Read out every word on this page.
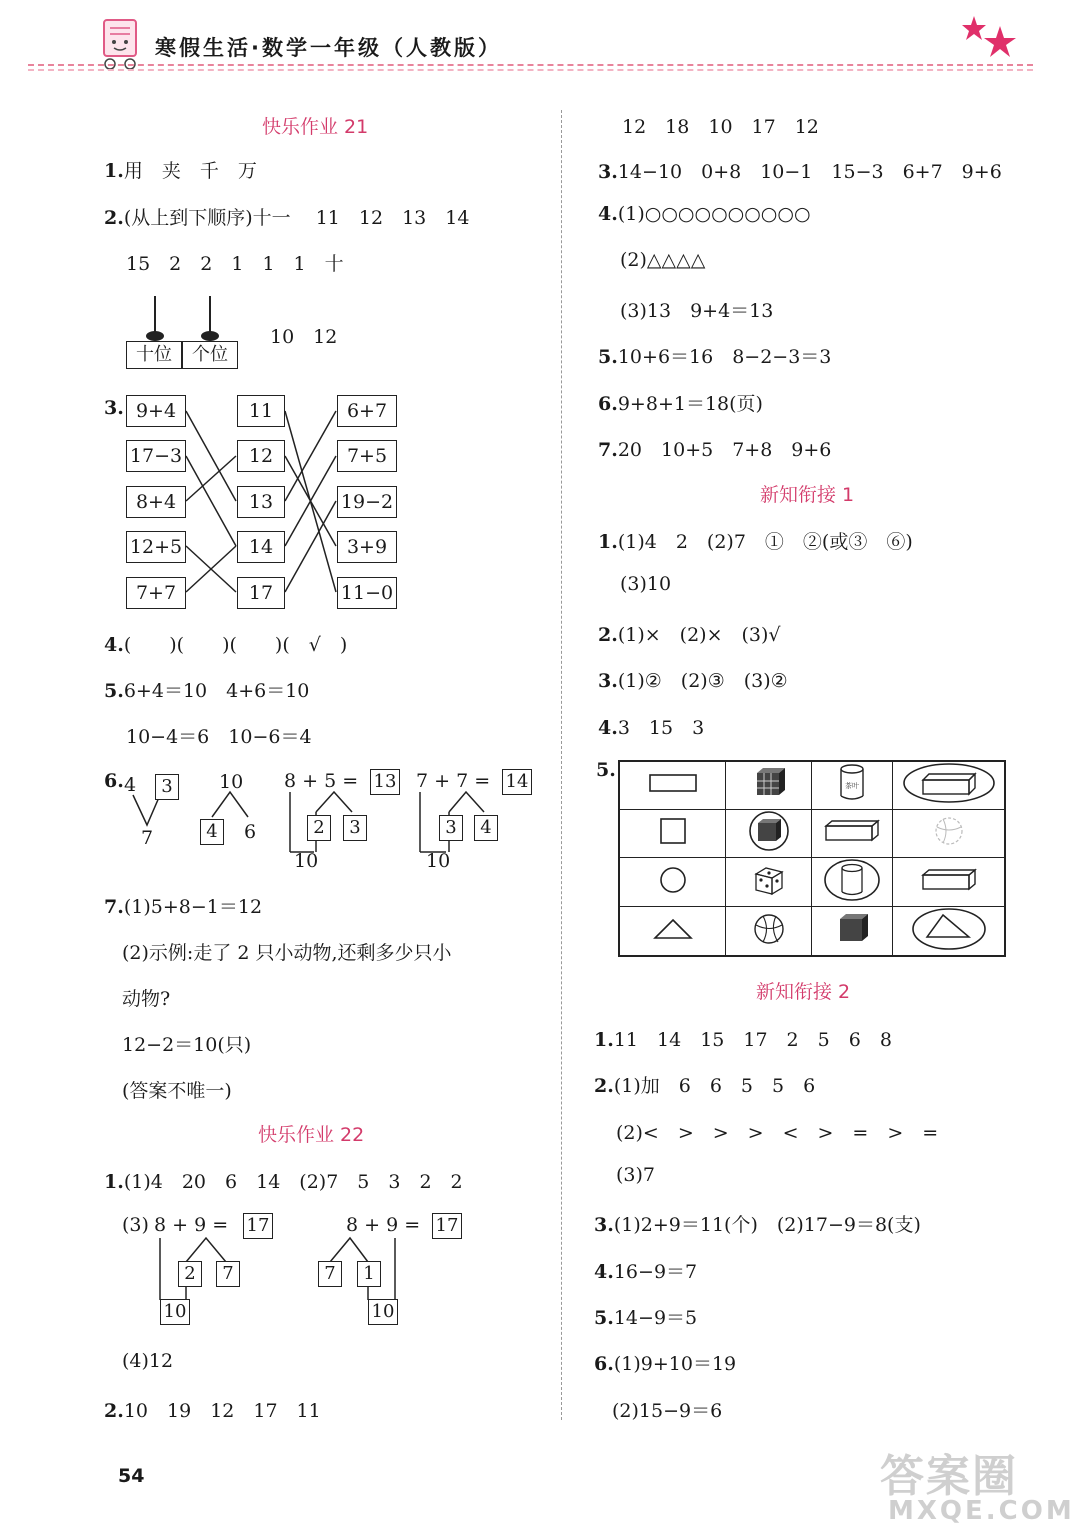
寒假生活·数学一年级（人教版）
快乐作业 21
1.用　夹　千　万
2.(从上到下顺序)十一　 11　12　13　14
15　2　2　1　1　1　十
十位	个位
10　12
3. 9+4
17−3
8+4
12+5
7+7
11
12
13
14
17
6+7
7+5
19−2
3+9
11−0
4.(　　)(　　)(　　)(　√　)
5.6+4＝10　4+6＝10
10−4＝6　10−6＝4
6. 4	3
7
10
4	6
8 + 5 = 13
2	3
10
7 + 7 = 14
3	4
10
7.(1)5+8−1＝12
(2)示例:走了 2 只小动物,还剩多少只小
动物?
12−2＝10(只)
(答案不唯一)
快乐作业 22
1.(1)4　20　6　14　(2)7　5　3　2　2
(3) 8 + 9 = 17
2	7
10
8 + 9 = 17
7	1
10
(4)12
2.10　19　12　17　11
12　18　10　17　12
3.14−10　0+8　10−1　15−3　6+7　9+6
4.(1)○○○○○○○○○○
(2)△△△△
(3)13　9+4＝13
5.10+6＝16　8−2−3＝3
6.9+8+1＝18(页)
7.20　10+5　7+8　9+6
新知衔接 1
1.(1)4　2　(2)7　①　②(或③　⑥)
(3)10
2.(1)×　(2)×　(3)√
3.(1)②　(2)③　(3)②
4.3　15　3
5.

茶叶

新知衔接 2
1.11　14　15　17　2　5　6　8
2.(1)加　6　6　5　5　6
(2)<　>　>　>　<　>　=　>　=
(3)7
3.(1)2+9＝11(个)　(2)17−9＝8(支)
4.16−9＝7
5.14−9＝5
6.(1)9+10＝19
(2)15−9＝6
54	答案圈
MXQE.COM
